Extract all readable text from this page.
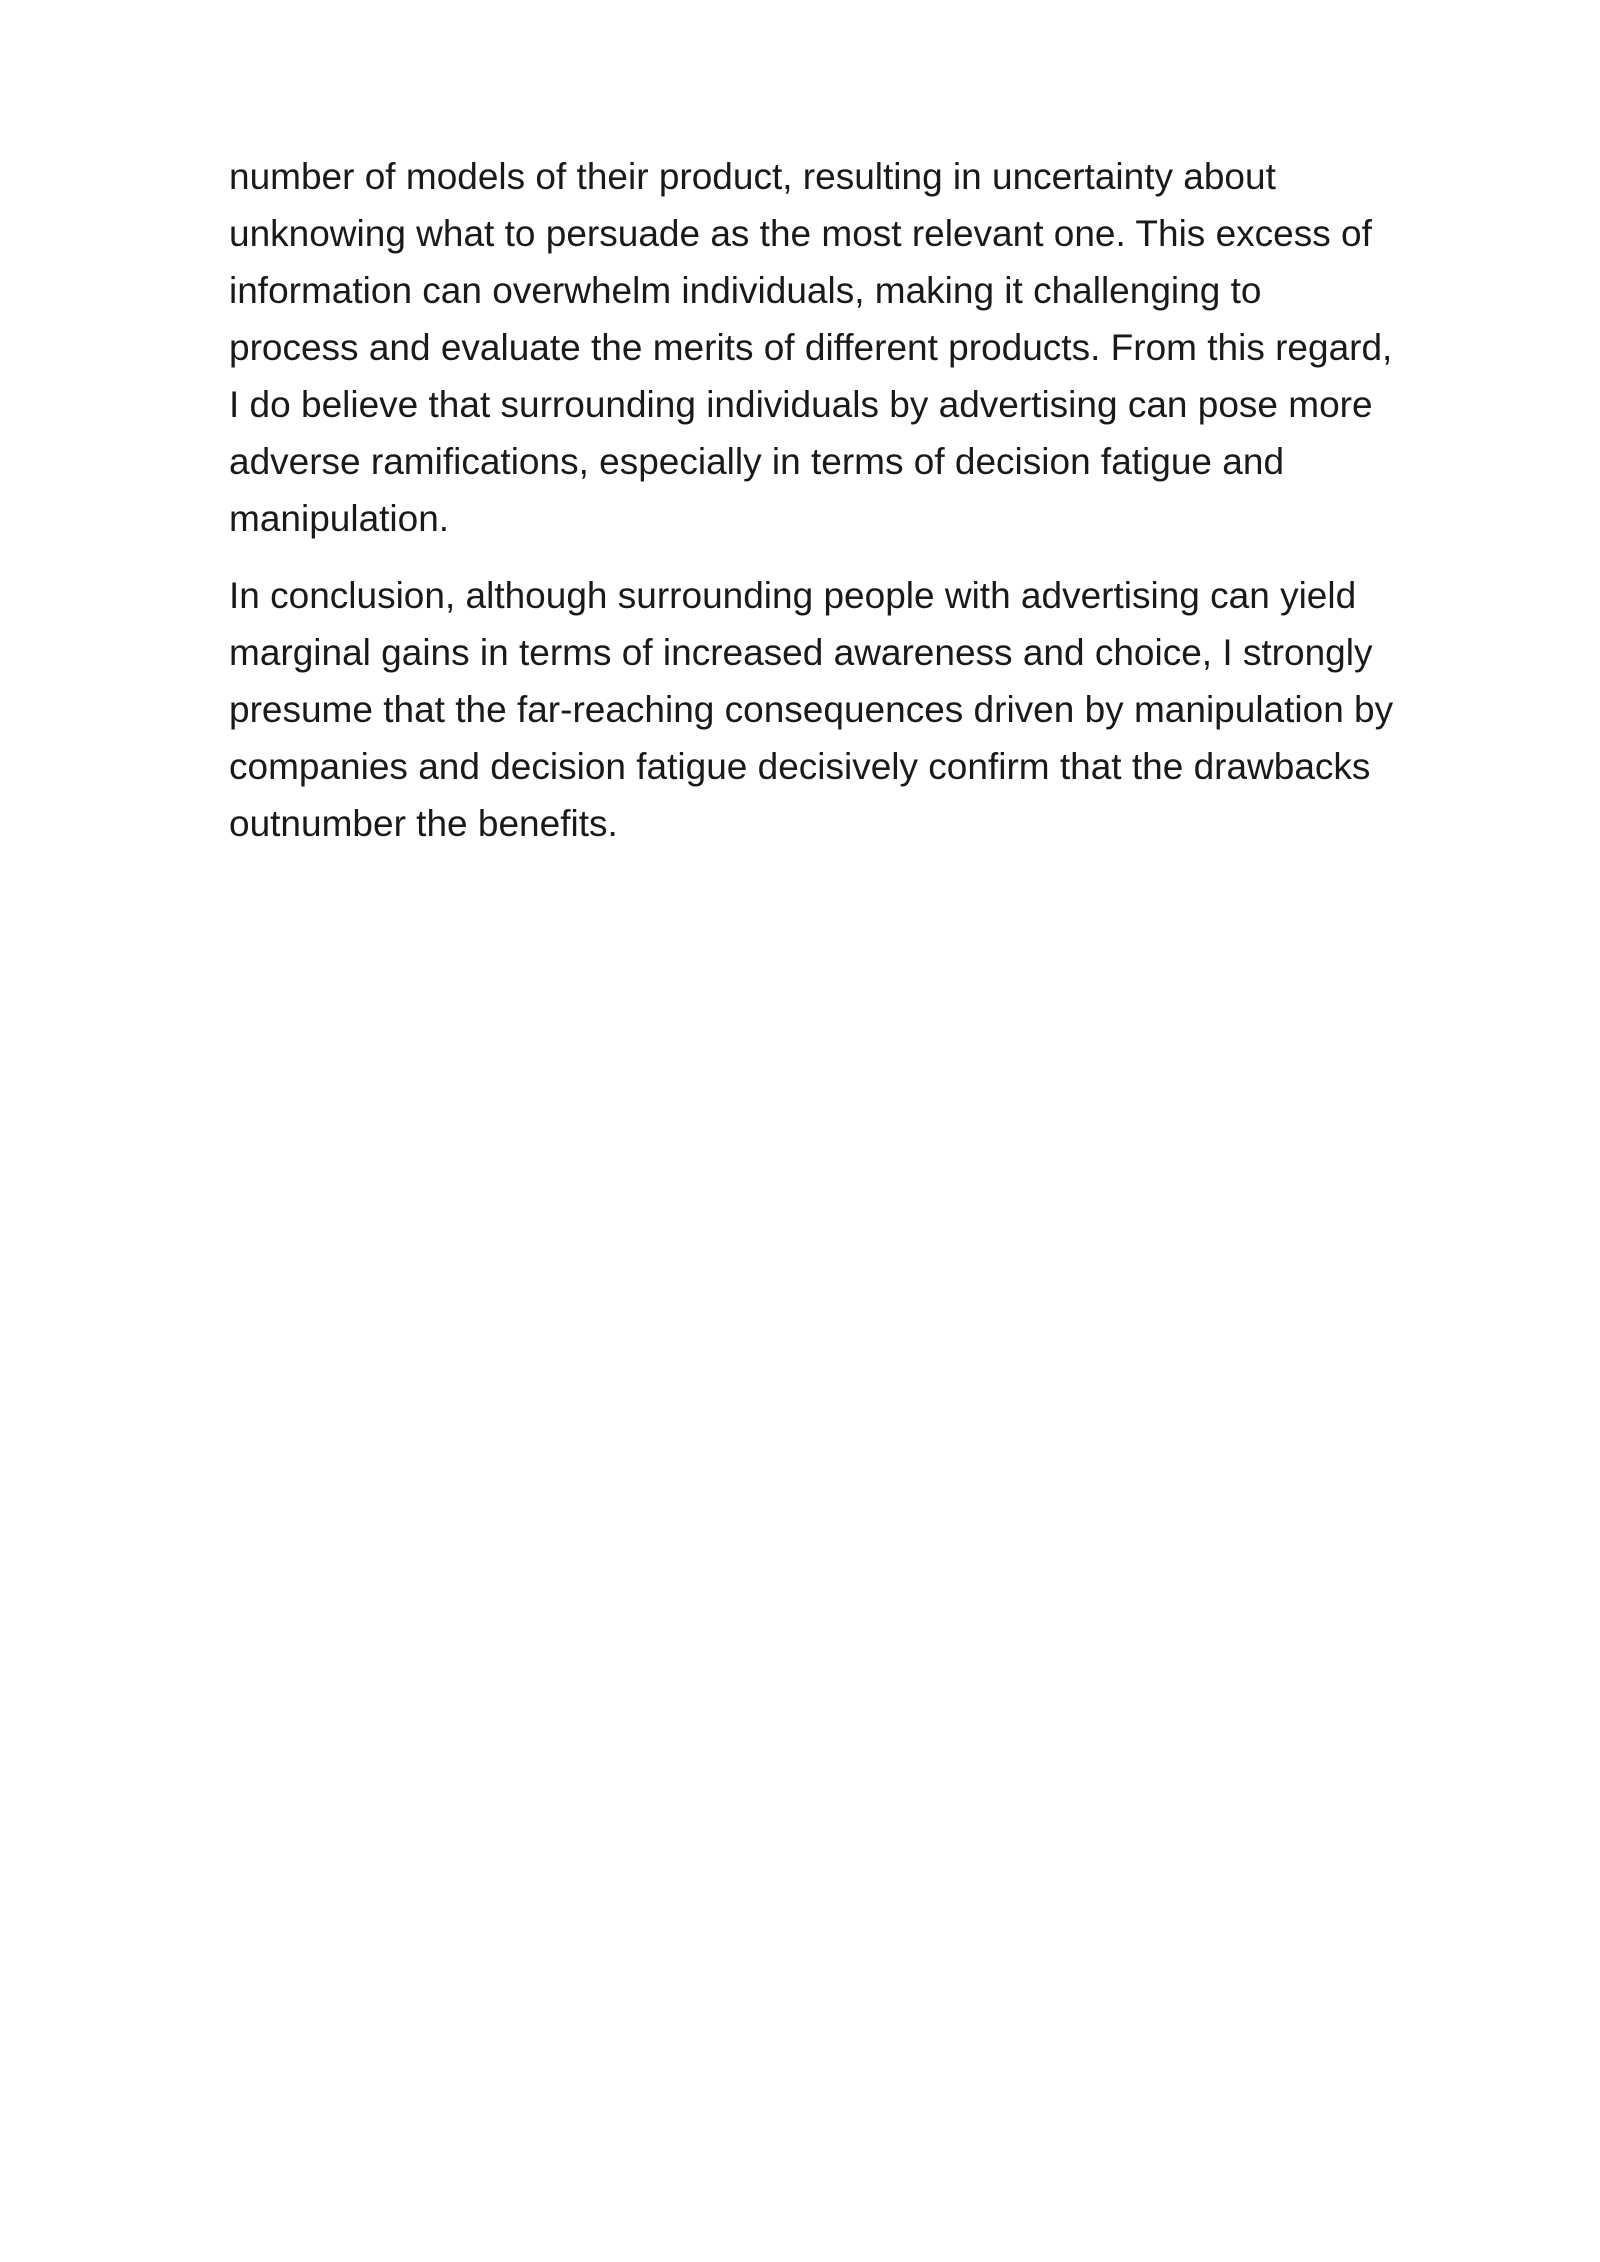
number of models of their product, resulting in uncertainty about
unknowing what to persuade as the most relevant one. This excess of
information can overwhelm individuals, making it challenging to
process and evaluate the merits of different products. From this regard,
I do believe that surrounding individuals by advertising can pose more
adverse ramifications, especially in terms of decision fatigue and
manipulation.

In conclusion, although surrounding people with advertising can yield
marginal gains in terms of increased awareness and choice, I strongly
presume that the far-reaching consequences driven by manipulation by
companies and decision fatigue decisively confirm that the drawbacks
outnumber the benefits.
